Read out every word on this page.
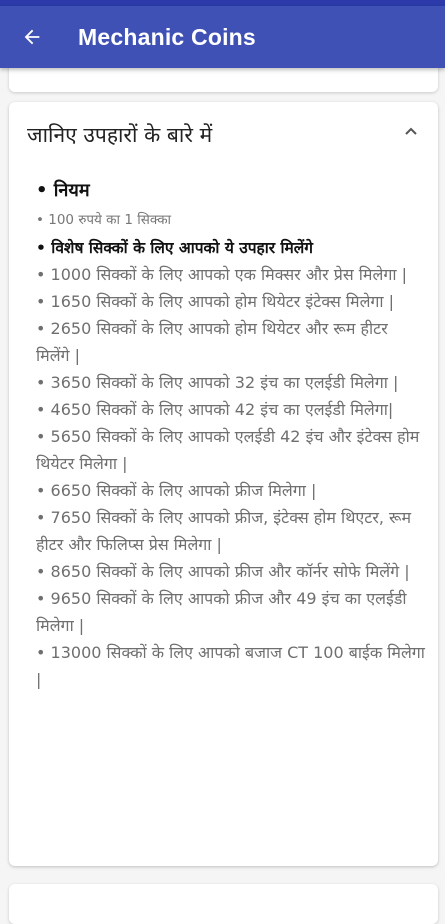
Mechanic Coins
जानिए उपहारों के बारे में

• नियम

• 100 रुपये का 1 सिक्का

• विशेष सिक्कों के लिए आपको ये उपहार मिलेंगे

• 1000 सिक्कों के लिए आपको एक मिक्सर और प्रेस मिलेगा |
• 1650 सिक्कों के लिए आपको होम थियेटर इंटेक्स मिलेगा |
• 2650 सिक्कों के लिए आपको होम थियेटर और रूम हीटर मिलेंगे |
• 3650 सिक्कों के लिए आपको 32 इंच का एलईडी मिलेगा |
• 4650 सिक्कों के लिए आपको 42 इंच का एलईडी मिलेगा|
• 5650 सिक्कों के लिए आपको एलईडी 42 इंच और इंटेक्स होम थियेटर मिलेगा |
• 6650 सिक्कों के लिए आपको फ्रीज मिलेगा |
• 7650 सिक्कों के लिए आपको फ्रीज, इंटेक्स होम थिएटर, रूम हीटर और फिलिप्स प्रेस मिलेगा |
• 8650 सिक्कों के लिए आपको फ्रीज और कॉर्नर सोफे मिलेंगे |
• 9650 सिक्कों के लिए आपको फ्रीज और 49 इंच का एलईडी मिलेगा |
• 13000 सिक्कों के लिए आपको बजाज CT 100 बाईक मिलेगा |
